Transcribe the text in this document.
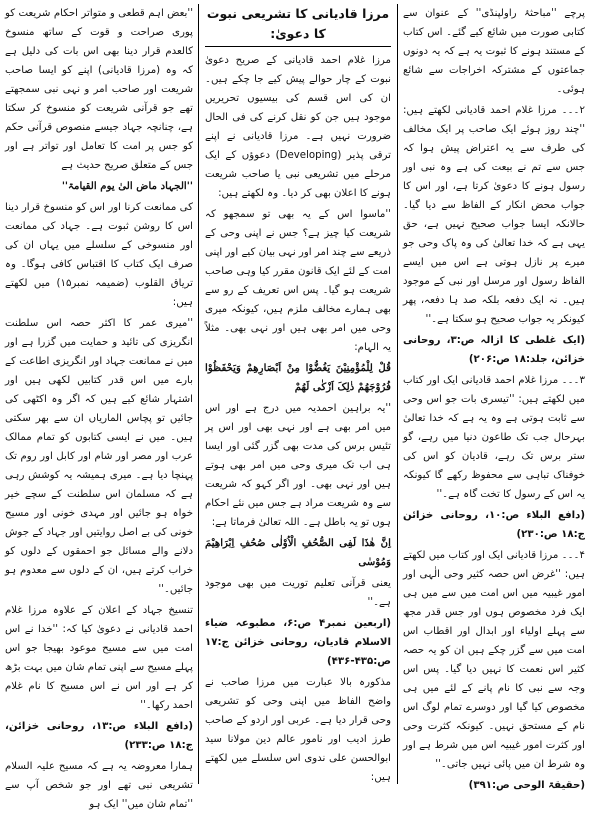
پرچے ''مباحثۂ راولپنڈی'' کے عنوان سے کتابی صورت میں شائع کیے گئے۔ اس کتاب کے مستند ہونے کا ثبوت یہ ہے کہ یہ دونوں جماعتوں کے مشترکہ اخراجات سے شائع ہوئی۔

۲۔۔۔ مرزا غلام احمد قادیانی لکھتے ہیں: ''چند روز ہوئے ایک صاحب پر ایک مخالف کی طرف سے یہ اعتراض پیش ہوا کہ جس سے تم نے بیعت کی ہے وہ نبی اور رسول ہونے کا دعویٰ کرتا ہے، اور اس کا جواب محض انکار کے الفاظ سے دیا گیا۔ حالانکہ ایسا جواب صحیح نہیں ہے، حق یہی ہے کہ خدا تعالیٰ کی وہ پاک وحی جو میرے پر نازل ہوتی ہے اس میں ایسے الفاظ رسول اور مرسل اور نبی کے موجود ہیں۔ نہ ایک دفعہ بلکہ صد ہا دفعہ، پھر کیونکر یہ جواب صحیح ہو سکتا ہے۔''

(ایک غلطی کا ازالہ ص:۳، روحانی خزائن، جلد:۱۸ ص:۲۰۶)

۳۔۔۔ مرزا غلام احمد قادیانی ایک اور کتاب میں لکھتے ہیں: ''تیسری بات جو اس وحی سے ثابت ہوتی ہے وہ یہ ہے کہ خدا تعالیٰ بہرحال جب تک طاعون دنیا میں رہے، گو ستر برس تک رہے، قادیان کو اس کی خوفناک تباہی سے محفوظ رکھے گا کیونکہ یہ اس کے رسول کا تخت گاہ ہے۔''

(دافع البلاء ص:۱۰، روحانی خزائن ج:۱۸ ص:۲۳۰)

۴۔۔۔ مرزا قادیانی ایک اور کتاب میں لکھتے ہیں: ''غرض اس حصہ کثیر وحی الٰہی اور امور غیبیہ میں اس امت میں سے میں ہی ایک فرد مخصوص ہوں اور جس قدر مجھ سے پہلے اولیاء اور ابدال اور اقطاب اس امت میں سے گزر چکے ہیں ان کو یہ حصہ کثیر اس نعمت کا نہیں دیا گیا۔ پس اس وجہ سے نبی کا نام پانے کے لئے میں ہی مخصوص کیا گیا اور دوسرے تمام لوگ اس نام کے مستحق نہیں۔ کیونکہ کثرت وحی اور کثرت امور غیبیہ اس میں شرط ہے اور وہ شرط ان میں پائی نہیں جاتی۔''

(حقیقۃ الوحی ص:۳۹۱)

مرزا قادیانی کا تشریعی نبوت کا دعویٰ:

مرزا غلام احمد قادیانی کے صریح دعویٰ نبوت کے چار حوالے پیش کیے جا چکے ہیں۔ ان کی اس قسم کی بیسیوں تحریریں موجود ہیں جن کو نقل کرنے کی فی الحال ضرورت نہیں ہے۔ مرزا قادیانی نے اپنے ترقی پذیر (Developing) دعوؤں کے ایک مرحلے میں تشریعی نبی یا صاحب شریعت ہونے کا اعلان بھی کر دیا۔ وہ لکھتے ہیں:

''ماسوا اس کے یہ بھی تو سمجھو کہ شریعت کیا چیز ہے؟ جس نے اپنی وحی کے ذریعے سے چند امر اور نہی بیان کیے اور اپنی امت کے لئے ایک قانون مقرر کیا وہی صاحب شریعت ہو گیا۔ پس اس تعریف کے رو سے بھی ہمارے مخالف ملزم ہیں، کیونکہ میری وحی میں امر بھی ہیں اور نہی بھی۔ مثلاً یہ الہام:

قُلْ لِلْمُؤْمِنِیْنَ یَغُضُّوْا مِنْ اَبْصَارِھِمْ وَیَحْفَظُوْا فُرُوْجَھُمْ ذٰلِکَ اَزْکٰی لَھُمْ

''یہ براہین احمدیہ میں درج ہے اور اس میں امر بھی ہے اور نہی بھی اور اس پر تئیس برس کی مدت بھی گزر گئی اور ایسا ہی اب تک میری وحی میں امر بھی ہوتے ہیں اور نہی بھی۔ اور اگر کہو کہ شریعت سے وہ شریعت مراد ہے جس میں نئے احکام ہوں تو یہ باطل ہے۔ اللہ تعالیٰ فرماتا ہے:

اِنَّ ھٰذَا لَفِی الصُّحُفِ الْاُوْلٰی صُحُفِ اِبْرَاھِیْمَ وَمُوْسٰی

یعنی قرآنی تعلیم توریت میں بھی موجود ہے۔''

(اربعین نمبر۴ ص:۶، مطبوعہ ضیاء الاسلام قادیان، روحانی خزائن ج:۱۷ ص:۴۳۵-۴۳۶)

مذکورہ بالا عبارت میں مرزا صاحب نے واضح الفاظ میں اپنی وحی کو تشریعی وحی قرار دیا ہے۔ عربی اور اردو کے صاحب طرز ادیب اور نامور عالم دین مولانا سید ابوالحسن علی ندوی اس سلسلے میں لکھتے ہیں:

''بعض اہم قطعی و متواتر احکام شریعت کو پوری صراحت و قوت کے ساتھ منسوخ کالعدم قرار دینا بھی اس بات کی دلیل ہے کہ وہ (مرزا قادیانی) اپنے کو ایسا صاحب شریعت اور صاحب امر و نہی نبی سمجھتے تھے جو قرآنی شریعت کو منسوخ کر سکتا ہے، چنانچہ جہاد جیسے منصوص قرآنی حکم کو جس پر امت کا تعامل اور تواتر ہے اور جس کے متعلق صریح حدیث ہے

''الجہاد ماض الیٰ یوم القیامۃ''

کی ممانعت کرنا اور اس کو منسوخ قرار دینا اس کا روشن ثبوت ہے۔ جہاد کی ممانعت اور منسوخی کے سلسلے میں یہاں ان کی صرف ایک کتاب کا اقتباس کافی ہوگا۔ وہ تریاق القلوب (ضمیمہ نمبر۱۵) میں لکھتے ہیں:

''میری عمر کا اکثر حصہ اس سلطنت انگریزی کی تائید و حمایت میں گزرا ہے اور میں نے ممانعت جہاد اور انگریزی اطاعت کے بارے میں اس قدر کتابیں لکھی ہیں اور اشتہار شائع کیے ہیں کہ اگر وہ اکٹھی کی جائیں تو پچاس الماریاں ان سے بھر سکتی ہیں۔ میں نے ایسی کتابوں کو تمام ممالک عرب اور مصر اور شام اور کابل اور روم تک پہنچا دیا ہے۔ میری ہمیشہ یہ کوشش رہی ہے کہ مسلمان اس سلطنت کے سچے خیر خواہ ہو جائیں اور مہدی خونی اور مسیح خونی کی بے اصل روایتیں اور جہاد کے جوش دلانے والے مسائل جو احمقوں کے دلوں کو خراب کرتے ہیں، ان کے دلوں سے معدوم ہو جائیں۔''

تنسیخ جہاد کے اعلان کے علاوہ مرزا غلام احمد قادیانی نے دعویٰ کیا کہ: ''خدا نے اس امت میں سے مسیح موعود بھیجا جو اس پہلے مسیح سے اپنی تمام شان میں بہت بڑھ کر ہے اور اس نے اس مسیح کا نام غلام احمد رکھا۔''

(دافع البلاء ص:۱۳، روحانی خزائن، ج:۱۸ ص:۲۳۳)

ہمارا معروضہ یہ ہے کہ مسیح علیہ السلام تشریعی نبی تھے اور جو شخص آپ سے ''تمام شان میں'' ایک ہو
